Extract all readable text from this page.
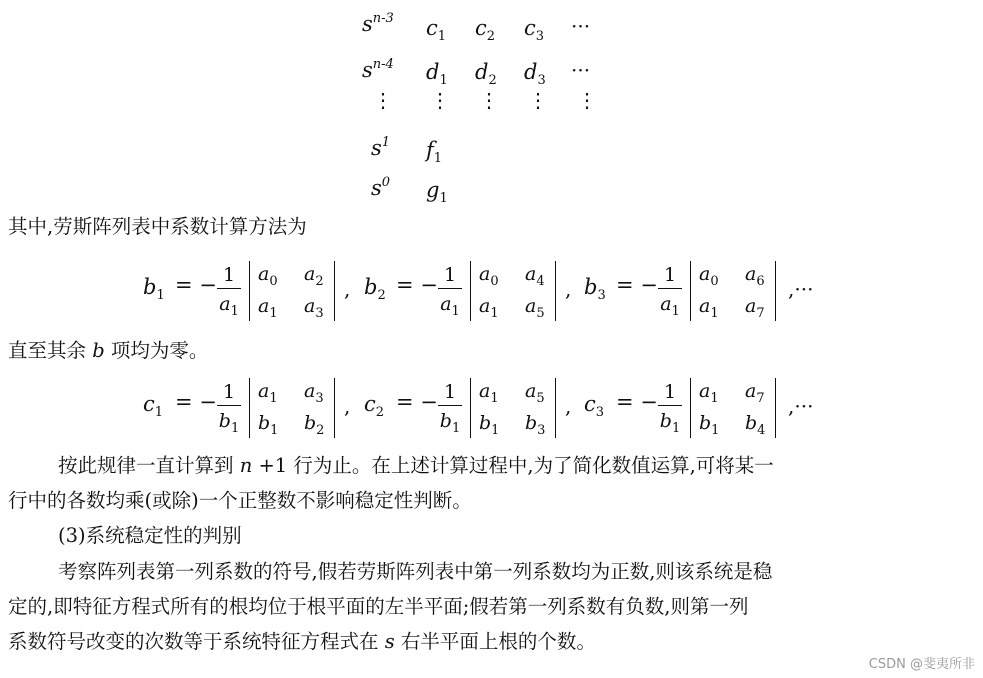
$s^{n-3}$ $c_1$ $c_2$ $c_3$ ···
$s^{n-4}$ $d_1$ $d_2$ $d_3$ ···
⋮ ⋮ ⋮ ⋮ ⋮
$s^1$ $f_1$
$s^0$ $g_1$
其中,劳斯阵列表中系数计算方法为
$b_1$ = − 1
$a_1$
$a_0$ $a_2$
$a_1$ $a_3$
, $b_2$ = − 1
$a_1$
$a_0$ $a_4$
$a_1$ $a_5$
, $b_3$ = − 1
$a_1$
$a_0$ $a_6$
$a_1$ $a_7$
,···
直至其余 b 项均为零。
$c_1$ = − 1
$b_1$
$a_1$ $a_3$
$b_1$ $b_2$
, $c_2$ = − 1
$b_1$
$a_1$ $a_5$
$b_1$ $b_3$
, $c_3$ = − 1
$b_1$
$a_1$ $a_7$
$b_1$ $b_4$
,···
按此规律一直计算到 n +1 行为止。在上述计算过程中,为了简化数值运算,可将某一
行中的各数均乘(或除)一个正整数不影响稳定性判断。
(3)系统稳定性的判别
考察阵列表第一列系数的符号,假若劳斯阵列表中第一列系数均为正数,则该系统是稳
定的,即特征方程式所有的根均位于根平面的左半平面;假若第一列系数有负数,则第一列
系数符号改变的次数等于系统特征方程式在 s 右半平面上根的个数。
CSDN @斐夷所非
